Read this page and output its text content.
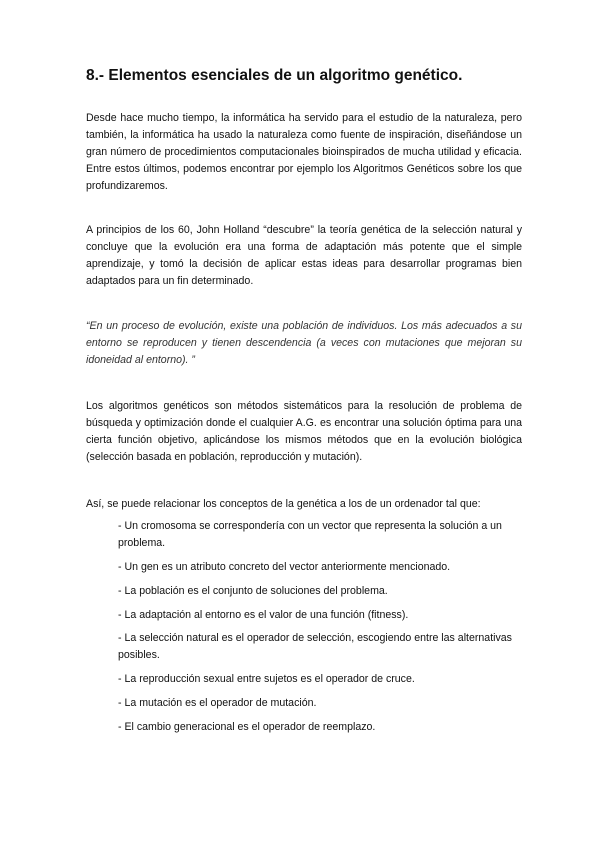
8.- Elementos esenciales de un algoritmo genético.

Desde hace mucho tiempo, la informática ha servido para el estudio de la naturaleza, pero también, la informática ha usado la naturaleza como fuente de inspiración, diseñándose un gran número de procedimientos computacionales bioinspirados de mucha utilidad y eficacia. Entre estos últimos, podemos encontrar por ejemplo los Algoritmos Genéticos sobre los que profundizaremos.

A principios de los 60, John Holland “descubre” la teoría genética de la selección natural y concluye que la evolución era una forma de adaptación más potente que el simple aprendizaje, y tomó la decisión de aplicar estas ideas para desarrollar programas bien adaptados para un fin determinado.

“En un proceso de evolución, existe una población de individuos. Los más adecuados a su entorno se reproducen y tienen descendencia (a veces con mutaciones que mejoran su idoneidad al entorno). ”

Los algoritmos genéticos son métodos sistemáticos para la resolución de problema de búsqueda y optimización donde el cualquier A.G. es encontrar una solución óptima para una cierta función objetivo, aplicándose los mismos métodos que en la evolución biológica (selección basada en población, reproducción y mutación).

Así, se puede relacionar los conceptos de la genética a los de un ordenador tal que:

- Un cromosoma se correspondería con un vector que representa la solución a un problema.
- Un gen es un atributo concreto del vector anteriormente mencionado.
- La población es el conjunto de soluciones del problema.
- La adaptación al entorno es el valor de una función (fitness).
- La selección natural es el operador de selección, escogiendo entre las alternativas posibles.
- La reproducción sexual entre sujetos es el operador de cruce.
- La mutación es el operador de mutación.
- El cambio generacional es el operador de reemplazo.
